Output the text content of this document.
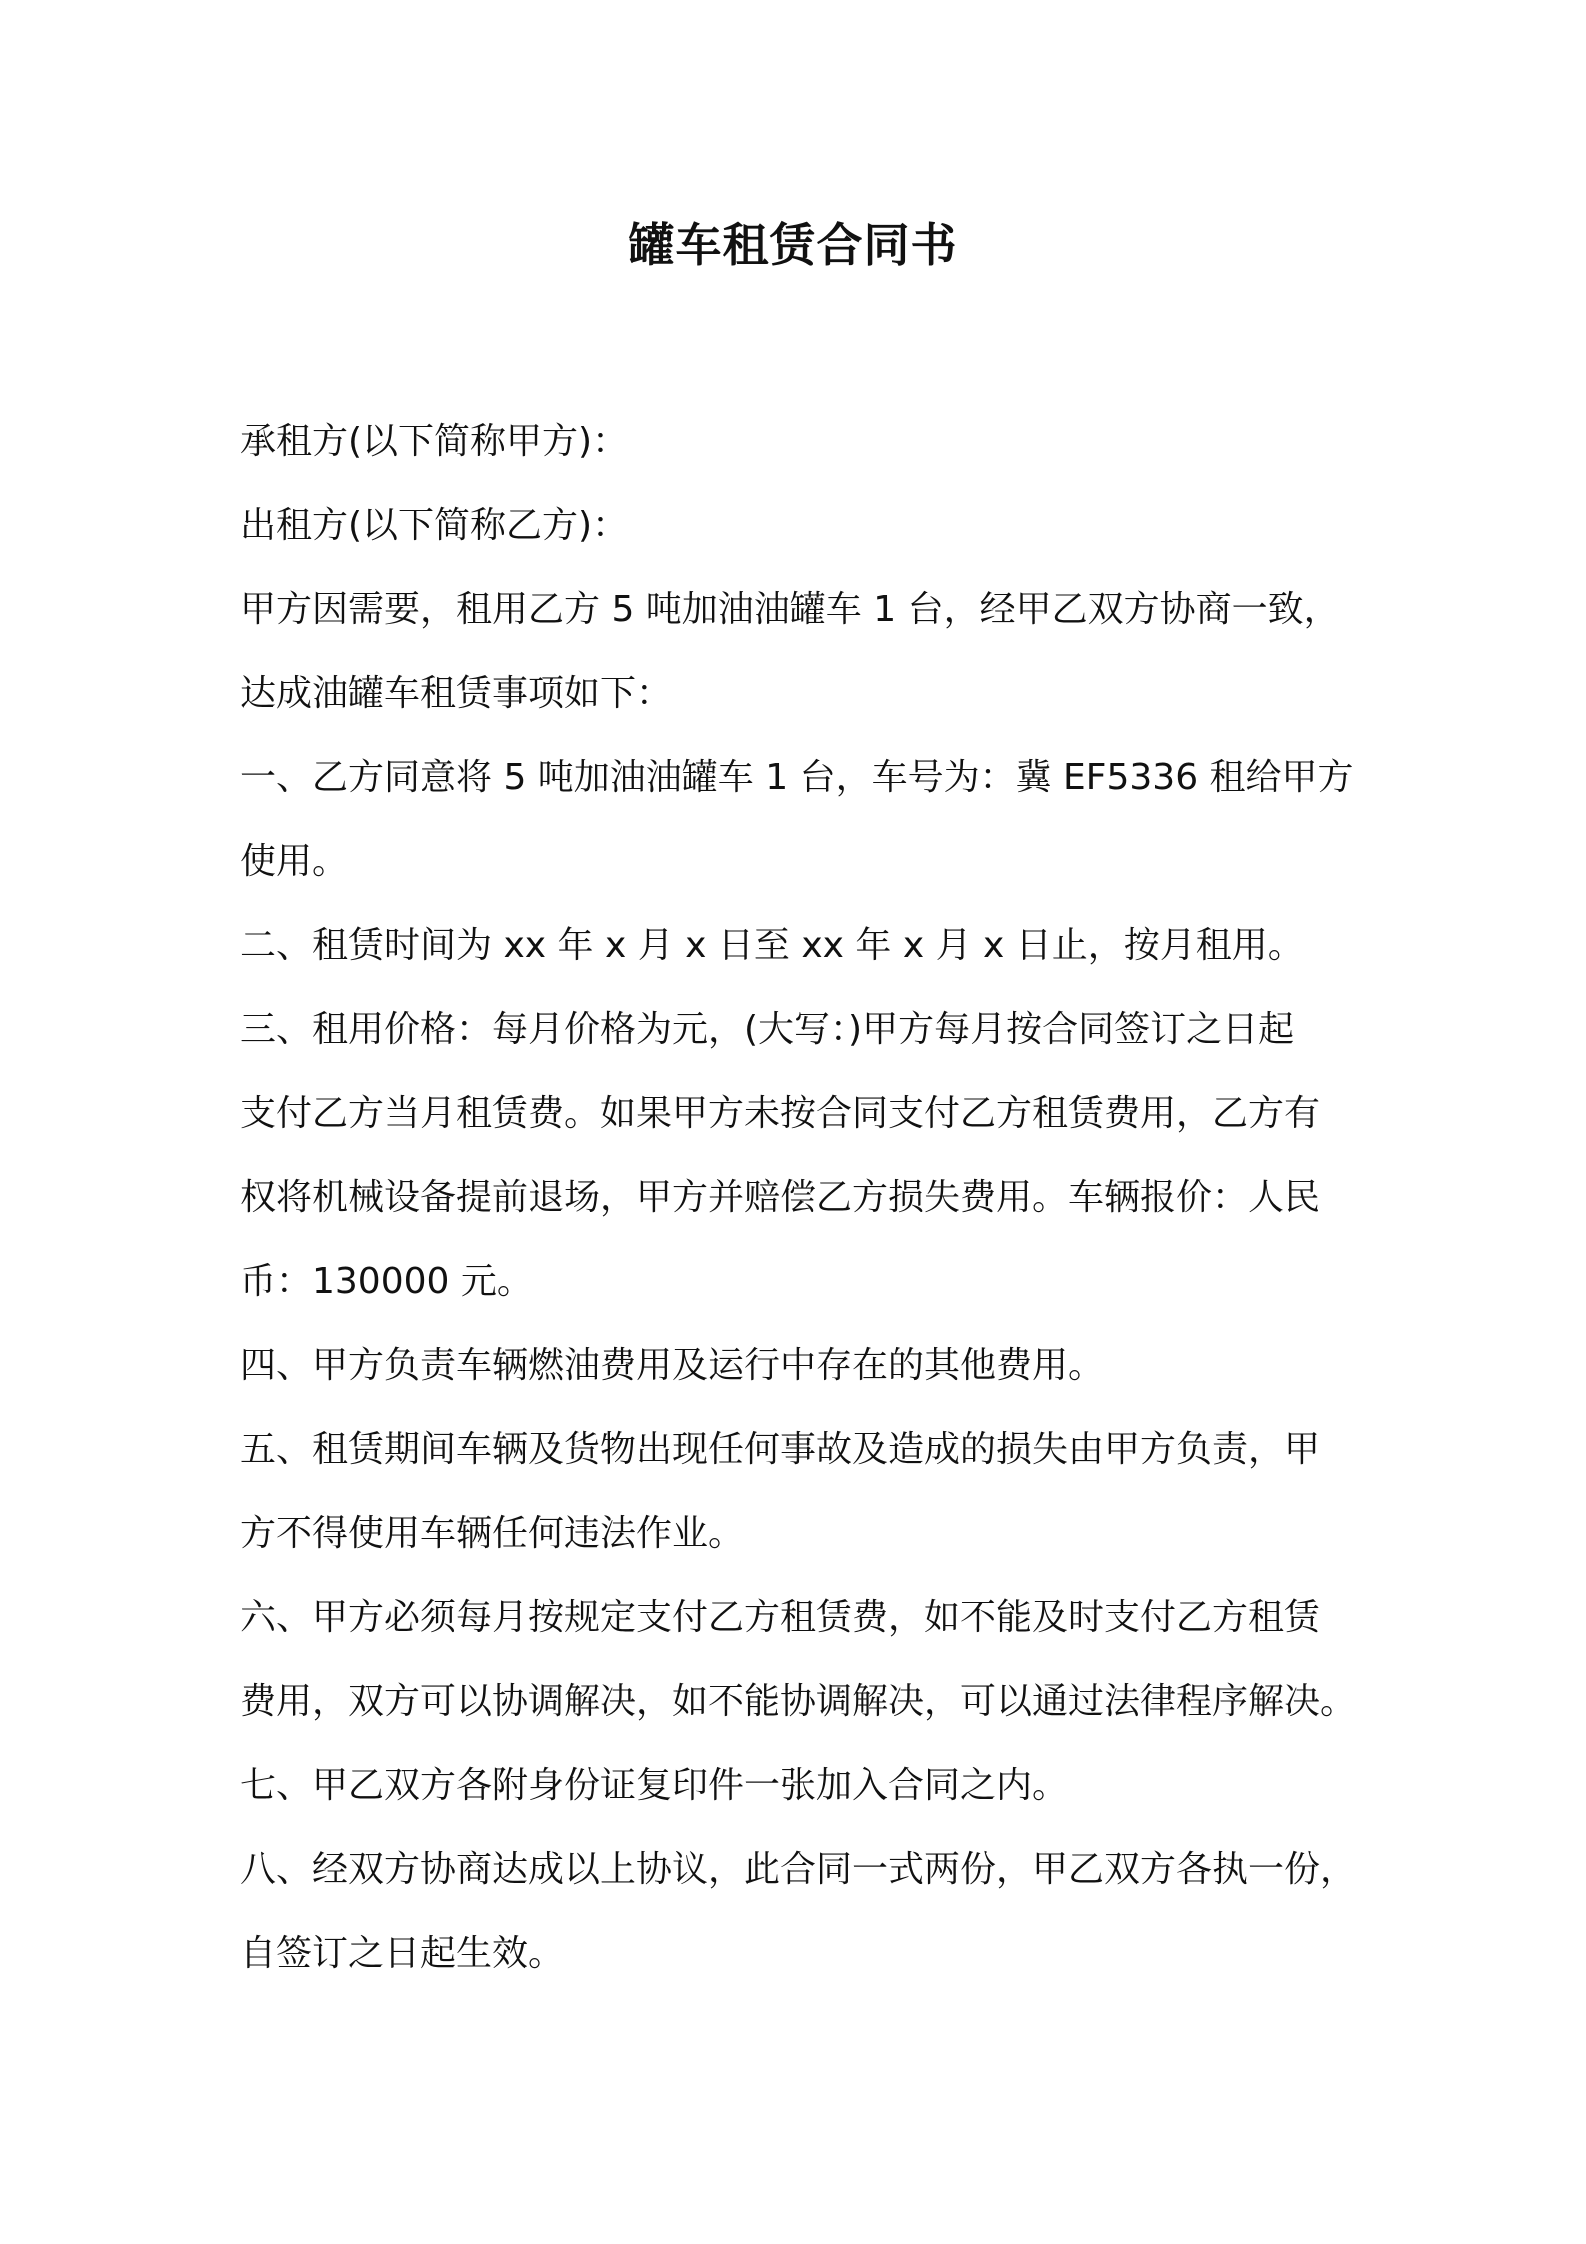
罐车租赁合同书
承租方(以下简称甲方)：
出租方(以下简称乙方)：
甲方因需要，租用乙方 5 吨加油油罐车 1 台，经甲乙双方协商一致，
达成油罐车租赁事项如下：
一、乙方同意将 5 吨加油油罐车 1 台，车号为：冀 EF5336 租给甲方
使用。
二、租赁时间为 xx 年 x 月 x 日至 xx 年 x 月 x 日止，按月租用。
三、租用价格：每月价格为元，(大写：)甲方每月按合同签订之日起
支付乙方当月租赁费。如果甲方未按合同支付乙方租赁费用，乙方有
权将机械设备提前退场，甲方并赔偿乙方损失费用。车辆报价：人民
币：130000 元。
四、甲方负责车辆燃油费用及运行中存在的其他费用。
五、租赁期间车辆及货物出现任何事故及造成的损失由甲方负责，甲
方不得使用车辆任何违法作业。
六、甲方必须每月按规定支付乙方租赁费，如不能及时支付乙方租赁
费用，双方可以协调解决，如不能协调解决，可以通过法律程序解决。
七、甲乙双方各附身份证复印件一张加入合同之内。
八、经双方协商达成以上协议，此合同一式两份，甲乙双方各执一份，
自签订之日起生效。
